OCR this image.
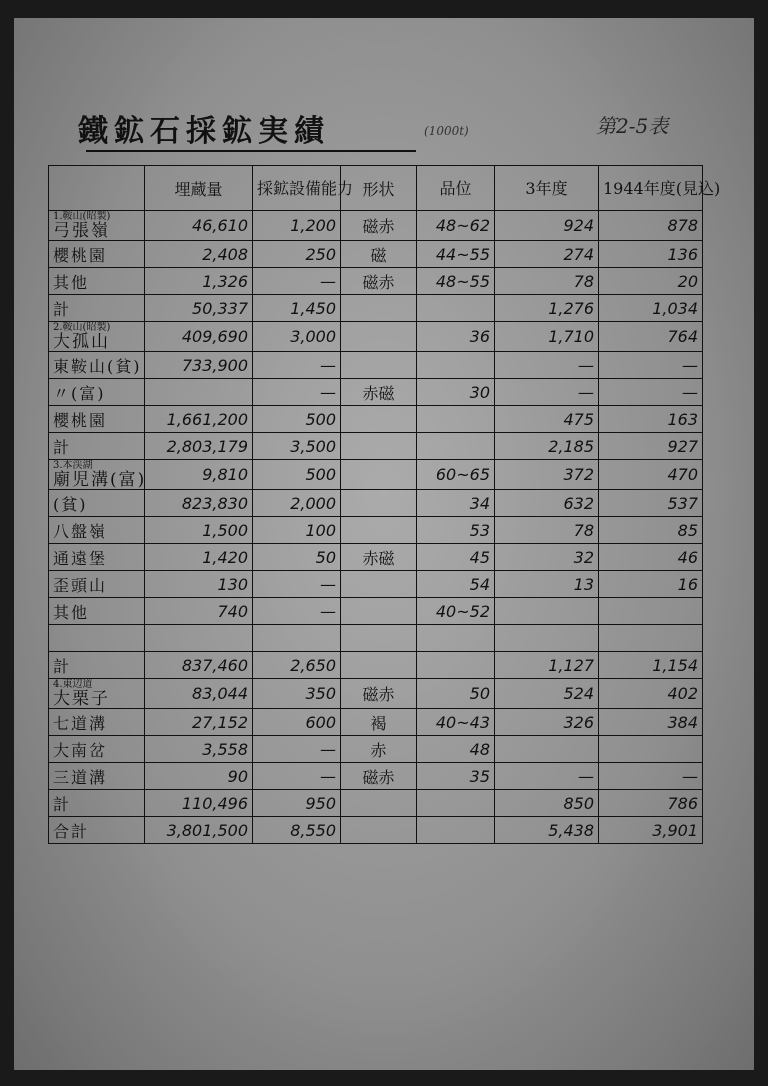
鐵鉱石採鉱実績	(1000t)	第2-5表
	埋蔵量	採鉱設備能力	形状	品位	3年度	1944年度(見込)

1.鞍山(昭製)
弓張嶺	46,610	1,200	磁赤	48~62	924	878
櫻桃園	2,408	250	磁	44~55	274	136
其他	1,326	—	磁赤	48~55	78	20
計	50,337	1,450			1,276	1,034

2.鞍山(昭製)
大孤山	409,690	3,000		36	1,710	764
東鞍山(貧)	733,900	—			—	—
〃(富)		—	赤磁	30	—	—
櫻桃園	1,661,200	500			475	163
計	2,803,179	3,500			2,185	927

3.本渓湖
廟児溝(富)	9,810	500		60~65	372	470
(貧)	823,830	2,000		34	632	537
八盤嶺	1,500	100		53	78	85
通遠堡	1,420	50	赤磁	45	32	46
歪頭山	130	—		54	13	16
其他	740	—		40~52		

計	837,460	2,650			1,127	1,154

4.東辺道
大栗子	83,044	350	磁赤	50	524	402
七道溝	27,152	600	褐	40~43	326	384
大南岔	3,558	—	赤	48		
三道溝	90	—	磁赤	35	—	—
計	110,496	950			850	786
合計	3,801,500	8,550			5,438	3,901
